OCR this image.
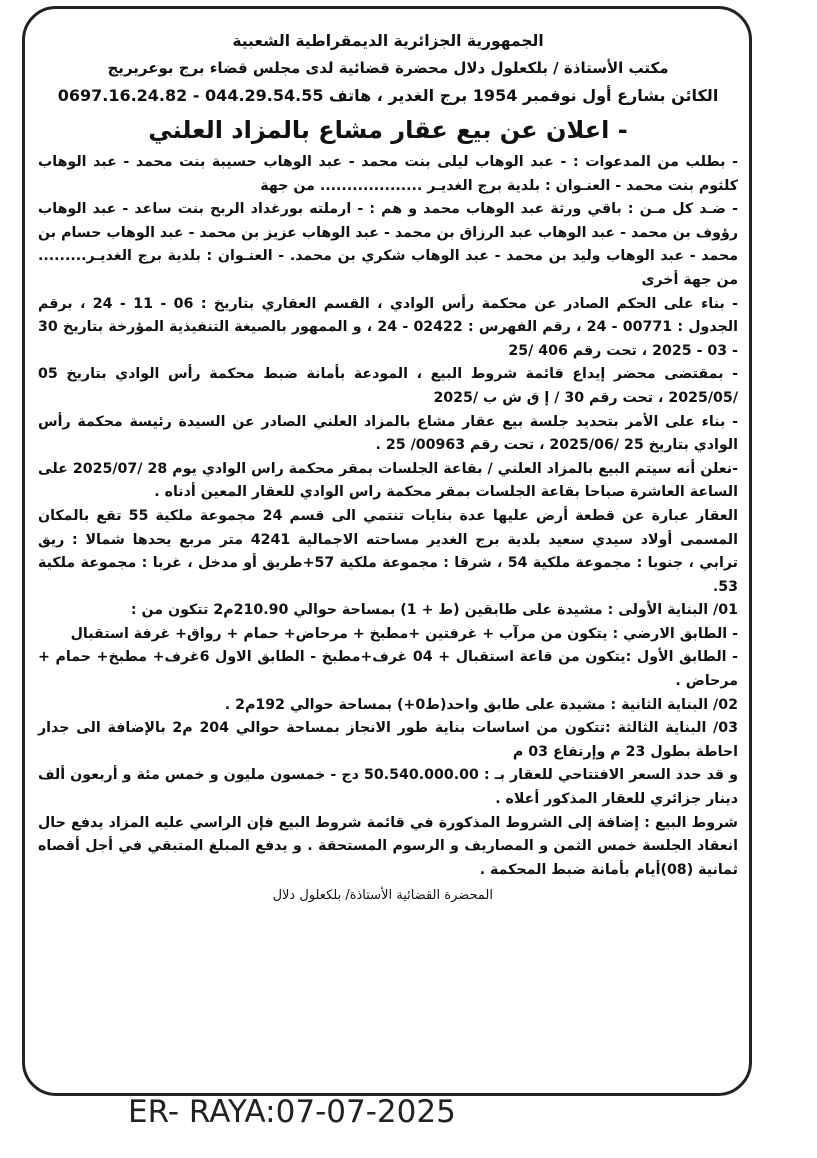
الجمهورية الجزائرية الديمقراطية الشعبية
مكتب الأستاذة / بلكعلول دلال محضرة قضائية لدى مجلس قضاء برج بوعريريج
الكائن بشارع أول نوفمبر 1954 برج الغدير ، هاتف 044.29.54.55 - 0697.16.24.82
- اعلان عن بيع عقار مشاع بالمزاد العلني

- بطلب من المدعوات : - عبد الوهاب ليلى بنت محمد - عبد الوهاب حسيبة بنت محمد - عبد الوهاب كلثوم بنت محمد - العنـوان : بلدية برج الغديـر ................... من جهة

- ضـد كل مـن : باقي ورثة عبد الوهاب محمد و هم : - ارملته بورغداد الربح بنت ساعد - عبد الوهاب رؤوف بن محمد - عبد الوهاب عبد الرزاق بن محمد - عبد الوهاب عزيز بن محمد - عبد الوهاب حسام بن محمد - عبد الوهاب وليد بن محمد - عبد الوهاب شكري بن محمد. - العنـوان : بلدية برج الغديـر......... من جهة أخرى

- بناء على الحكم الصادر عن محكمة رأس الوادي ، القسم العقاري بتاريخ : 06 - 11 - 24 ، برقم الجدول : 00771 - 24 ، رقم الفهرس : 02422 - 24 ، و الممهور بالصيغة التنفيذية المؤرخة بتاريخ 30 - 03 - 2025 ، تحت رقم 406 /25

- بمقتضى محضر إيداع قائمة شروط البيع ، المودعة بأمانة ضبط محكمة رأس الوادي بتاريخ 05 /2025/05 ، تحت رقم 30 / إ ق ش ب /2025

- بناء على الأمر بتحديد جلسة بيع عقار مشاع بالمزاد العلني الصادر عن السيدة رئيسة محكمة رأس الوادي بتاريخ 25 /2025/06 ، تحت رقم 00963/ 25 .

-نعلن أنه سيتم البيع بالمزاد العلني / بقاعة الجلسات بمقر محكمة راس الوادي يوم 28 /2025/07 على الساعة العاشرة صباحا بقاعة الجلسات بمقر محكمة راس الوادي للعقار المعين أدناه .

العقار عبارة عن قطعة أرض عليها عدة بنايات تنتمي الى قسم 24 مجموعة ملكية 55 تقع بالمكان المسمى أولاد سيدي سعيد بلدية برج الغدير مساحته الاجمالية 4241 متر مربع يحدها شمالا : ريق ترابي ، جنوبا : مجموعة ملكية 54 ، شرقا : مجموعة ملكية 57+طريق أو مدخل ، غربا : مجموعة ملكية 53.

01/ البناية الأولى : مشيدة على طابقين (ط + 1) بمساحة حوالي 210.90م2 تتكون من :

- الطابق الارضي : يتكون من مرآب + غرفتين +مطبخ + مرحاض+ حمام + رواق+ غرفة استقبال

- الطابق الأول :يتكون من قاعة استقبال + 04 غرف+مطبخ - الطابق الاول 6غرف+ مطبخ+ حمام + مرحاض .

02/ البناية الثانية : مشيدة على طابق واحد(ط0+) بمساحة حوالي 192م2 .

03/ البناية الثالثة :تتكون من اساسات بناية طور الانجاز بمساحة حوالي 204 م2 بالإضافة الى جدار احاطة بطول 23 م وإرتفاع 03 م

و قد حدد السعر الافتتاحي للعقار بـ : 50.540.000.00 دج - خمسون مليون و خمس مئة و أربعون ألف دينار جزائري للعقار المذكور أعلاه .

شروط البيع : إضافة إلى الشروط المذكورة في قائمة شروط البيع فإن الراسي عليه المزاد يدفع حال انعقاد الجلسة خمس الثمن و المصاريف و الرسوم المستحقة . و يدفع المبلغ المتبقي في أجل أقصاه ثمانية (08)أيام بأمانة ضبط المحكمة .

المحضرة القضائية الأستاذة/ بلكعلول دلال
ER- RAYA:07-07-2025
